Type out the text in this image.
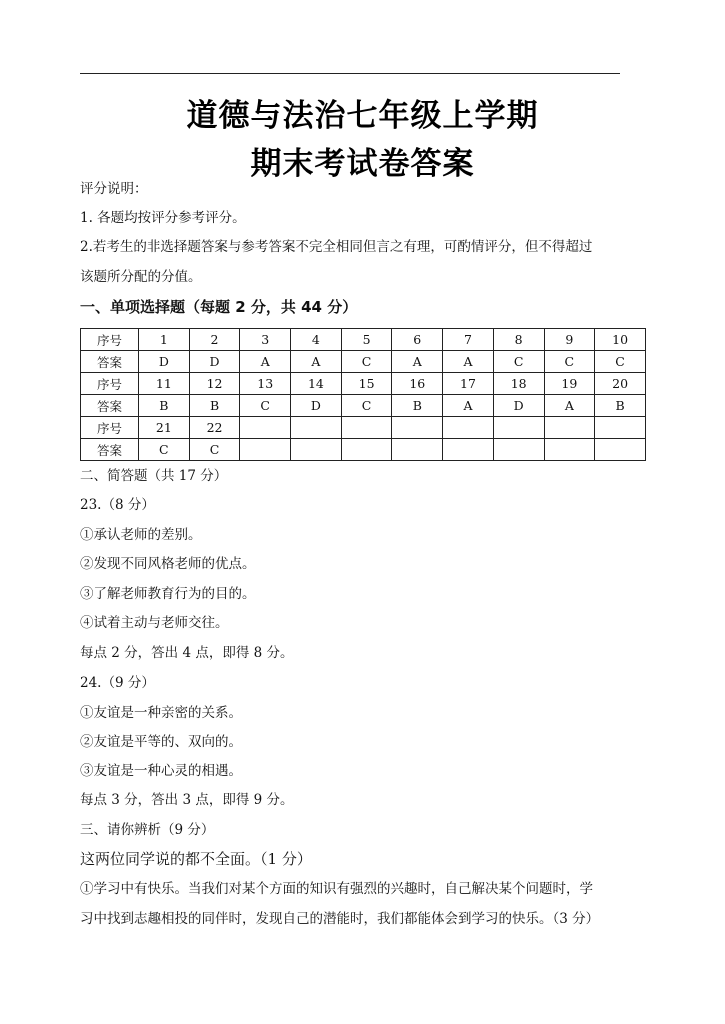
道德与法治七年级上学期
期末考试卷答案
评分说明：
1. 各题均按评分参考评分。
2.若考生的非选择题答案与参考答案不完全相同但言之有理，可酌情评分，但不得超过
该题所分配的分值。
一、单项选择题（每题 2 分，共 44 分）
序号	1	2	3	4	5	6	7	8	9	10
答案	D	D	A	A	C	A	A	C	C	C
序号	11	12	13	14	15	16	17	18	19	20
答案	B	B	C	D	C	B	A	D	A	B
序号	21	22								
答案	C	C								
二、简答题（共 17 分）
23.（8 分）
①承认老师的差别。
②发现不同风格老师的优点。
③了解老师教育行为的目的。
④试着主动与老师交往。
每点 2 分，答出 4 点，即得 8 分。
24.（9 分）
①友谊是一种亲密的关系。
②友谊是平等的、双向的。
③友谊是一种心灵的相遇。
每点 3 分，答出 3 点，即得 9 分。
三、请你辨析（9 分）
这两位同学说的都不全面。（1 分）
①学习中有快乐。当我们对某个方面的知识有强烈的兴趣时，自己解决某个问题时，学
习中找到志趣相投的同伴时，发现自己的潜能时，我们都能体会到学习的快乐。（3 分）
